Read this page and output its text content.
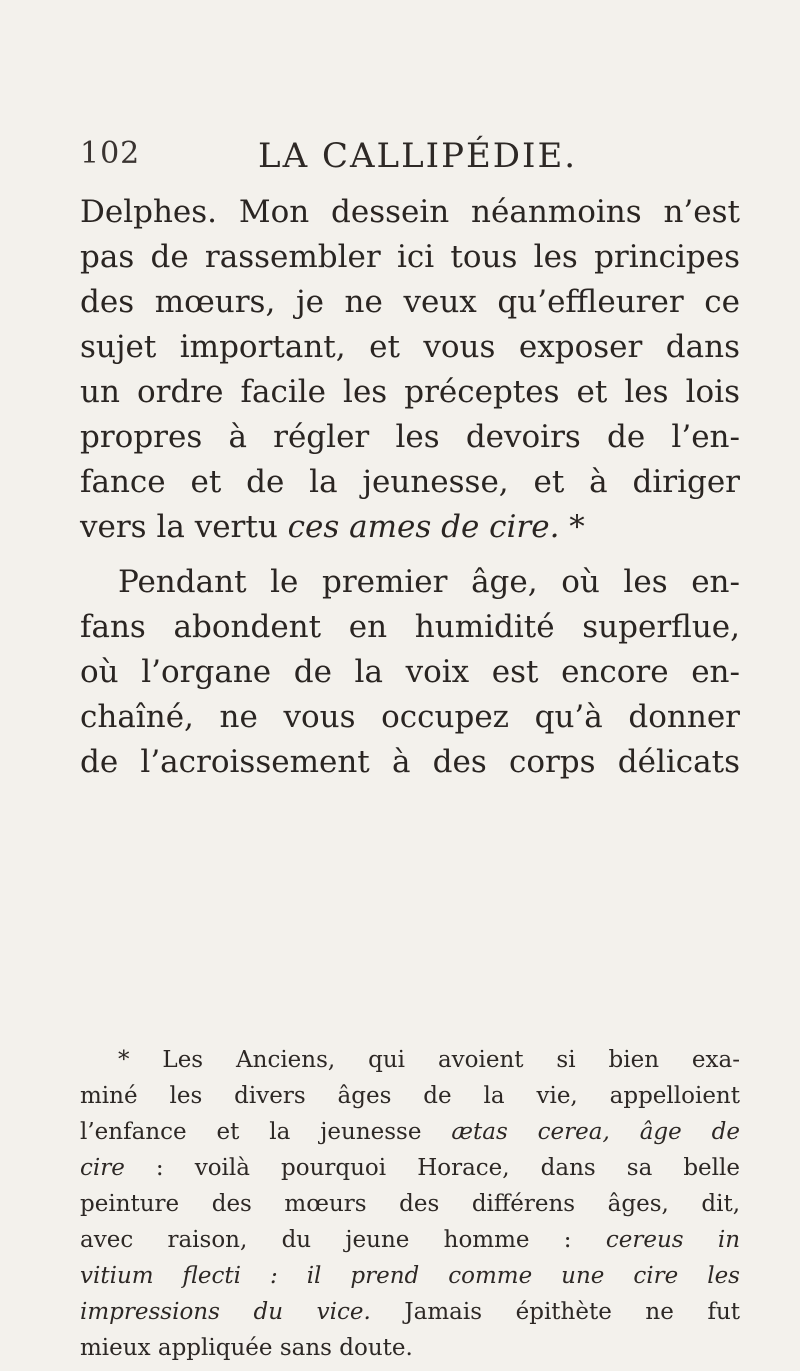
102	LA CALLIPÉDIE.
Delphes. Mon dessein néanmoins n’est
pas de rassembler ici tous les principes
des mœurs, je ne veux qu’effleurer ce
sujet important, et vous exposer dans
un ordre facile les préceptes et les lois
propres à régler les devoirs de l’en-
fance et de la jeunesse, et à diriger
vers la vertu ces ames de cire. *
Pendant le premier âge, où les en-
fans abondent en humidité superflue,
où l’organe de la voix est encore en-
chaîné, ne vous occupez qu’à donner
de l’acroissement à des corps délicats
* Les Anciens, qui avoient si bien exa-
miné les divers âges de la vie, appelloient
l’enfance et la jeunesse ætas cerea, âge de
cire : voilà pourquoi Horace, dans sa belle
peinture des mœurs des différens âges, dit,
avec raison, du jeune homme : cereus in
vitium flecti : il prend comme une cire les
impressions du vice. Jamais épithète ne fut
mieux appliquée sans doute.
